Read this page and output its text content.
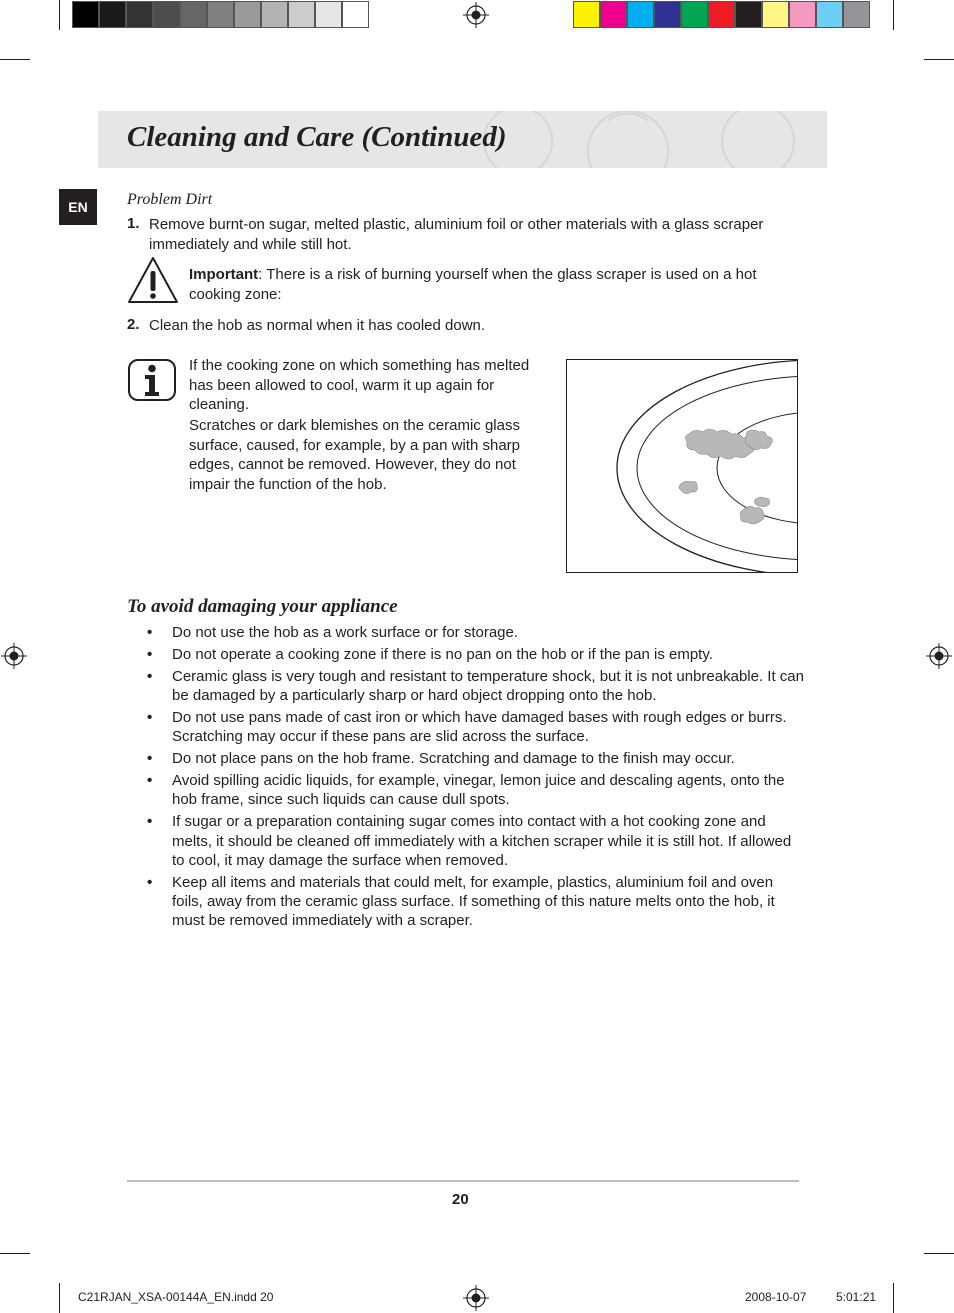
Cleaning and Care (Continued)
EN	Problem Dirt
1. Remove burnt-on sugar, melted plastic, aluminium foil or other materials with a glass scraper immediately and while still hot.
Important: There is a risk of burning yourself when the glass scraper is used on a hot cooking zone:
2. Clean the hob as normal when it has cooled down.
If the cooking zone on which something has melted has been allowed to cool, warm it up again for cleaning.
Scratches or dark blemishes on the ceramic glass surface, caused, for example, by a pan with sharp edges, cannot be removed. However, they do not impair the function of the hob.
To avoid damaging your appliance
• Do not use the hob as a work surface or for storage.
• Do not operate a cooking zone if there is no pan on the hob or if the pan is empty.
• Ceramic glass is very tough and resistant to temperature shock, but it is not unbreakable. It can be damaged by a particularly sharp or hard object dropping onto the hob.
• Do not use pans made of cast iron or which have damaged bases with rough edges or burrs. Scratching may occur if these pans are slid across the surface.
• Do not place pans on the hob frame. Scratching and damage to the finish may occur.
• Avoid spilling acidic liquids, for example, vinegar, lemon juice and descaling agents, onto the hob frame, since such liquids can cause dull spots.
• If sugar or a preparation containing sugar comes into contact with a hot cooking zone and melts, it should be cleaned off immediately with a kitchen scraper while it is still hot. If allowed to cool, it may damage the surface when removed.
• Keep all items and materials that could melt, for example, plastics, aluminium foil and oven foils, away from the ceramic glass surface. If something of this nature melts onto the hob, it must be removed immediately with a scraper.
20
C21RJAN_XSA-00144A_EN.indd 20	2008-10-07 5:01:21
